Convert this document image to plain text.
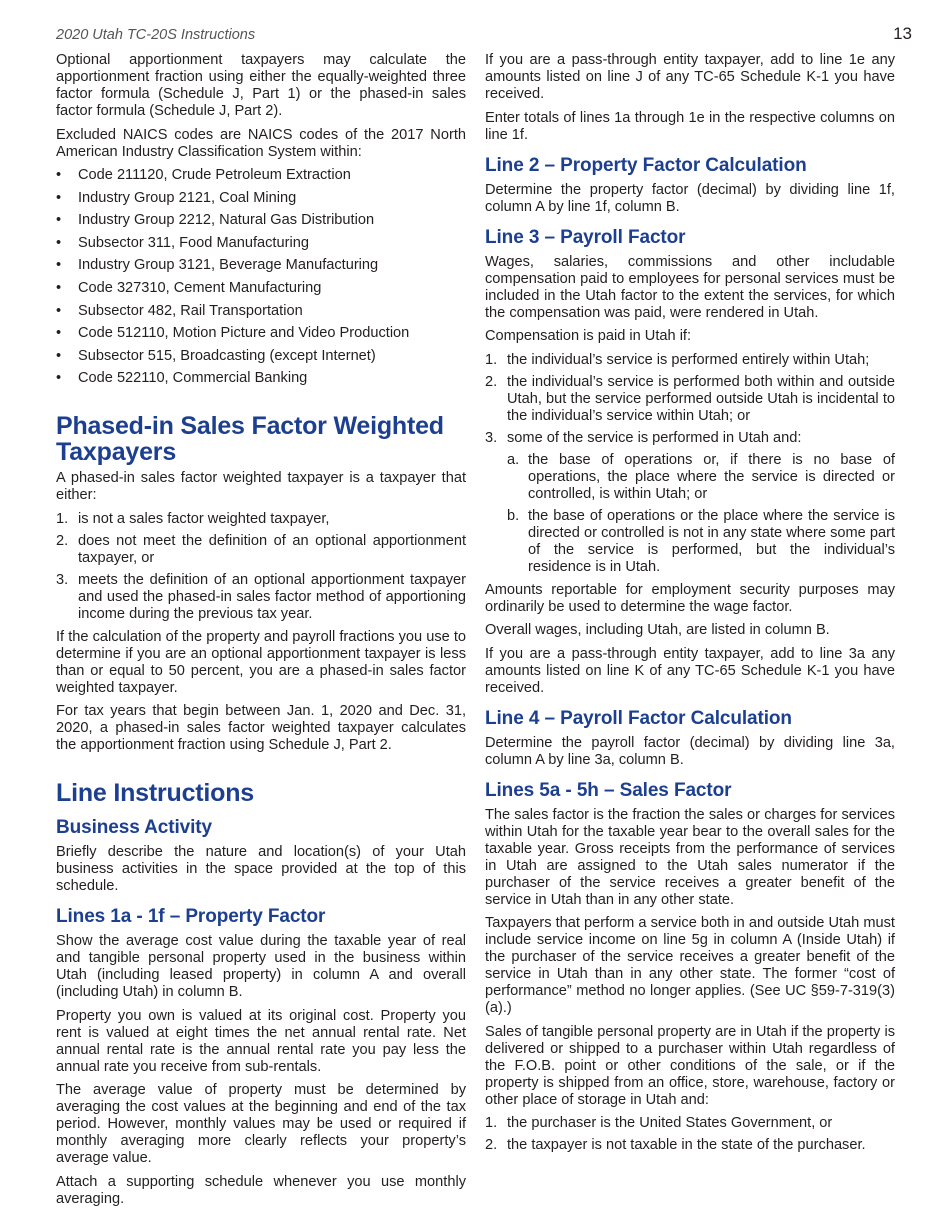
2020 Utah TC-20S Instructions	13

Optional apportionment taxpayers may calculate the apportionment fraction using either the equally-weighted three factor formula (Schedule J, Part 1) or the phased-in sales factor formula (Schedule J, Part 2).

Excluded NAICS codes are NAICS codes of the 2017 North American Industry Classification System within:

• Code 211120, Crude Petroleum Extraction
• Industry Group 2121, Coal Mining
• Industry Group 2212, Natural Gas Distribution
• Subsector 311, Food Manufacturing
• Industry Group 3121, Beverage Manufacturing
• Code 327310, Cement Manufacturing
• Subsector 482, Rail Transportation
• Code 512110, Motion Picture and Video Production
• Subsector 515, Broadcasting (except Internet)
• Code 522110, Commercial Banking
Phased-in Sales Factor Weighted Taxpayers

A phased-in sales factor weighted taxpayer is a taxpayer that either:

1. is not a sales factor weighted taxpayer,
2. does not meet the definition of an optional apportionment taxpayer, or
3. meets the definition of an optional apportionment taxpayer and used the phased-in sales factor method of apportioning income during the previous tax year.

If the calculation of the property and payroll fractions you use to determine if you are an optional apportionment taxpayer is less than or equal to 50 percent, you are a phased-in sales factor weighted taxpayer.

For tax years that begin between Jan. 1, 2020 and Dec. 31, 2020, a phased-in sales factor weighted taxpayer calculates the apportionment fraction using Schedule J, Part 2.

Line Instructions
Business Activity

Briefly describe the nature and location(s) of your Utah business activities in the space provided at the top of this schedule.

Lines 1a - 1f – Property Factor

Show the average cost value during the taxable year of real and tangible personal property used in the business within Utah (including leased property) in column A and overall (including Utah) in column B.

Property you own is valued at its original cost. Property you rent is valued at eight times the net annual rental rate. Net annual rental rate is the annual rental rate you pay less the annual rate you receive from sub-rentals.

The average value of property must be determined by averaging the cost values at the beginning and end of the tax period. However, monthly values may be used or required if monthly averaging more clearly reflects your property’s average value.

Attach a supporting schedule whenever you use monthly averaging.

If you are a pass-through entity taxpayer, add to line 1e any amounts listed on line J of any TC-65 Schedule K-1 you have received.

Enter totals of lines 1a through 1e in the respective columns on line 1f.

Line 2 – Property Factor Calculation

Determine the property factor (decimal) by dividing line 1f, column A by line 1f, column B.

Line 3 – Payroll Factor

Wages, salaries, commissions and other includable compensation paid to employees for personal services must be included in the Utah factor to the extent the services, for which the compensation was paid, were rendered in Utah.

Compensation is paid in Utah if:

1. the individual’s service is performed entirely within Utah;
2. the individual’s service is performed both within and outside Utah, but the service performed outside Utah is incidental to the individual’s service within Utah; or
3. some of the service is performed in Utah and:
a. the base of operations or, if there is no base of operations, the place where the service is directed or controlled, is within Utah; or
b. the base of operations or the place where the service is directed or controlled is not in any state where some part of the service is performed, but the individual’s residence is in Utah.

Amounts reportable for employment security purposes may ordinarily be used to determine the wage factor.

Overall wages, including Utah, are listed in column B.

If you are a pass-through entity taxpayer, add to line 3a any amounts listed on line K of any TC-65 Schedule K-1 you have received.

Line 4 – Payroll Factor Calculation

Determine the payroll factor (decimal) by dividing line 3a, column A by line 3a, column B.

Lines 5a - 5h – Sales Factor

The sales factor is the fraction the sales or charges for services within Utah for the taxable year bear to the overall sales for the taxable year. Gross receipts from the performance of services in Utah are assigned to the Utah sales numerator if the purchaser of the service receives a greater benefit of the service in Utah than in any other state.

Taxpayers that perform a service both in and outside Utah must include service income on line 5g in column A (Inside Utah) if the purchaser of the service receives a greater benefit of the service in Utah than in any other state. The former “cost of performance” method no longer applies. (See UC §59-7-319(3)(a).)

Sales of tangible personal property are in Utah if the property is delivered or shipped to a purchaser within Utah regardless of the F.O.B. point or other conditions of the sale, or if the property is shipped from an office, store, warehouse, factory or other place of storage in Utah and:

1. the purchaser is the United States Government, or
2. the taxpayer is not taxable in the state of the purchaser.
